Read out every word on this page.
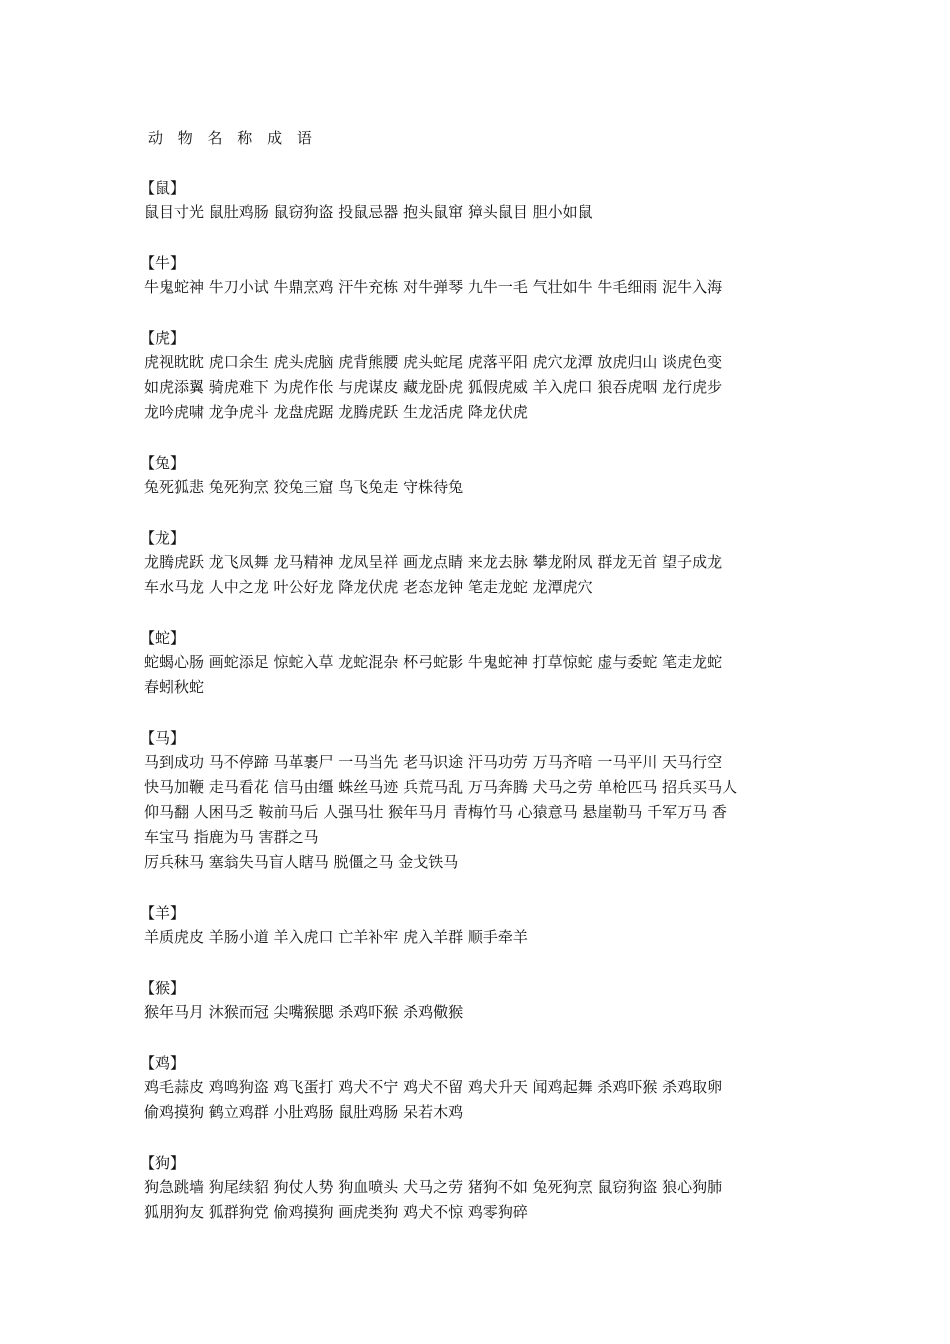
动 物 名 称 成 语
【鼠】
鼠目寸光 鼠肚鸡肠 鼠窃狗盗 投鼠忌器 抱头鼠窜 獐头鼠目 胆小如鼠
【牛】
牛鬼蛇神 牛刀小试 牛鼎烹鸡 汗牛充栋 对牛弹琴 九牛一毛 气壮如牛 牛毛细雨 泥牛入海
【虎】
虎视眈眈 虎口余生 虎头虎脑 虎背熊腰 虎头蛇尾 虎落平阳 虎穴龙潭 放虎归山 谈虎色变
如虎添翼 骑虎难下 为虎作伥 与虎谋皮 藏龙卧虎 狐假虎威 羊入虎口 狼吞虎咽 龙行虎步
龙吟虎啸 龙争虎斗 龙盘虎踞 龙腾虎跃 生龙活虎 降龙伏虎
【兔】
兔死狐悲 兔死狗烹 狡兔三窟 鸟飞兔走 守株待兔
【龙】
龙腾虎跃 龙飞凤舞 龙马精神 龙凤呈祥 画龙点睛 来龙去脉 攀龙附凤 群龙无首 望子成龙
车水马龙 人中之龙 叶公好龙 降龙伏虎 老态龙钟 笔走龙蛇 龙潭虎穴
【蛇】
蛇蝎心肠 画蛇添足 惊蛇入草 龙蛇混杂 杯弓蛇影 牛鬼蛇神 打草惊蛇 虚与委蛇 笔走龙蛇
春蚓秋蛇
【马】
马到成功 马不停蹄 马革裹尸 一马当先 老马识途 汗马功劳 万马齐喑 一马平川 天马行空
快马加鞭 走马看花 信马由缰 蛛丝马迹 兵荒马乱 万马奔腾 犬马之劳 单枪匹马 招兵买马人
仰马翻 人困马乏 鞍前马后 人强马壮 猴年马月 青梅竹马 心猿意马 悬崖勒马 千军万马 香
车宝马 指鹿为马 害群之马
厉兵秣马 塞翁失马盲人瞎马 脱僵之马 金戈铁马
【羊】
羊质虎皮 羊肠小道 羊入虎口 亡羊补牢 虎入羊群 顺手牵羊
【猴】
猴年马月 沐猴而冠 尖嘴猴腮 杀鸡吓猴 杀鸡儆猴
【鸡】
鸡毛蒜皮 鸡鸣狗盗 鸡飞蛋打 鸡犬不宁 鸡犬不留 鸡犬升天 闻鸡起舞 杀鸡吓猴 杀鸡取卵
偷鸡摸狗 鹤立鸡群 小肚鸡肠 鼠肚鸡肠 呆若木鸡
【狗】
狗急跳墙 狗尾续貂 狗仗人势 狗血喷头 犬马之劳 猪狗不如 兔死狗烹 鼠窃狗盗 狼心狗肺
狐朋狗友 狐群狗党 偷鸡摸狗 画虎类狗 鸡犬不惊 鸡零狗碎
